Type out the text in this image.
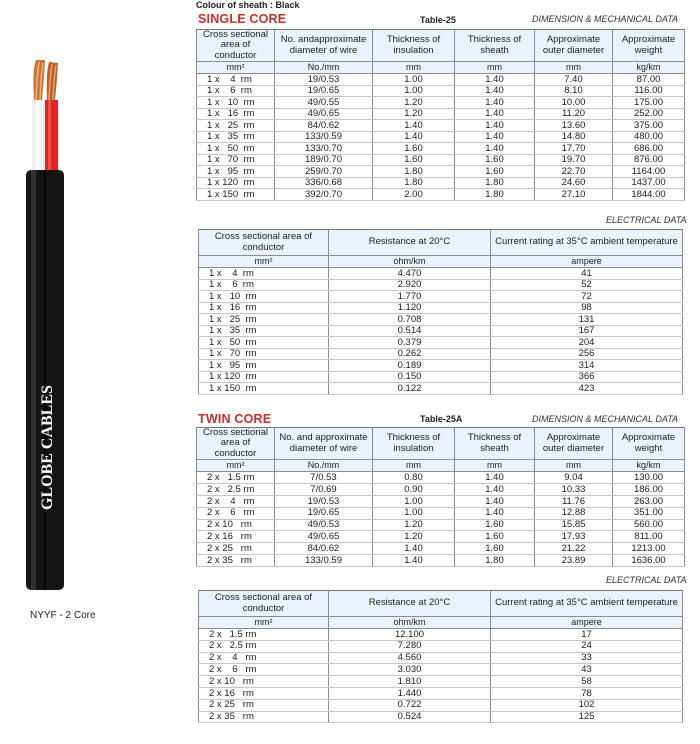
Colour of sheath : Black
GLOBE CABLES
NYYF - 2 Core
SINGLE CORE	Table-25	DIMENSION & MECHANICAL DATA
Cross sectional area of conductor	No. andapproximate diameter of wire	Thickness of insulation	Thickness of sheath	Approximate outer diameter	Approximate weight
mm²	No./mm	mm	mm	mm	kg/km
1 x    4  rm	19/0.53	1.00	1.40	7.40	87.00
1 x    6  rm	19/0.65	1.00	1.40	8.10	116.00
1 x   10  rm	49/0.55	1.20	1.40	10.00	175.00
1 x   16  rm	49/0.65	1.20	1.40	11.20	252.00
1 x   25  rm	84/0.62	1.40	1.40	13.60	375.00
1 x   35  rm	133/0.59	1.40	1.40	14.80	480.00
1 x   50  rm	133/0.70	1.60	1.40	17.70	686.00
1 x   70  rm	189/0.70	1.60	1.60	19.70	876.00
1 x   95  rm	259/0.70	1.80	1.60	22.70	1164.00
1 x 120  rm	336/0.68	1.80	1.80	24.60	1437.00
1 x 150  rm	392/0.70	2.00	1.80	27.10	1844.00
ELECTRICAL DATA
Cross sectional area of conductor	Resistance at 20°C	Current rating at 35°C ambient temperature
mm²	ohm/km	ampere
1 x    4  rm	4.470	41
1 x    6  rm	2.920	52
1 x   10  rm	1.770	72
1 x   16  rm	1.120	98
1 x   25  rm	0.708	131
1 x   35  rm	0.514	167
1 x   50  rm	0.379	204
1 x   70  rm	0.262	256
1 x   95  rm	0.189	314
1 x 120  rm	0.150	366
1 x 150  rm	0.122	423
TWIN CORE	Table-25A	DIMENSION & MECHANICAL DATA
Cross sectional area of conductor	No. and approximate diameter of wire	Thickness of insulation	Thickness of sheath	Approximate outer diameter	Approximate weight
mm²	No./mm	mm	mm	mm	kg/km
2 x   1.5 rm	7/0.53	0.80	1.40	9.04	130.00
2 x   2.5 rm	7/0.69	0.90	1.40	10.33	186.00
2 x    4   rm	19/0.53	1.00	1.40	11.76	263.00
2 x    6   rm	19/0.65	1.00	1.40	12.88	351.00
2 x 10   rm	49/0.53	1.20	1.60	15.85	560.00
2 x 16   rm	49/0.65	1.20	1.60	17.93	811.00
2 x 25   rm	84/0.62	1.40	1.60	21.22	1213.00
2 x 35   rm	133/0.59	1.40	1.80	23.89	1636.00
ELECTRICAL DATA
Cross sectional area of conductor	Resistance at 20°C	Current rating at 35°C ambient temperature
mm²	ohm/km	ampere
2 x   1.5 rm	12.100	17
2 x   2.5 rm	7.280	24
2 x    4   rm	4.560	33
2 x    6   rm	3.030	43
2 x 10   rm	1.810	58
2 x 16   rm	1.440	78
2 x 25   rm	0.722	102
2 x 35   rm	0.524	125
